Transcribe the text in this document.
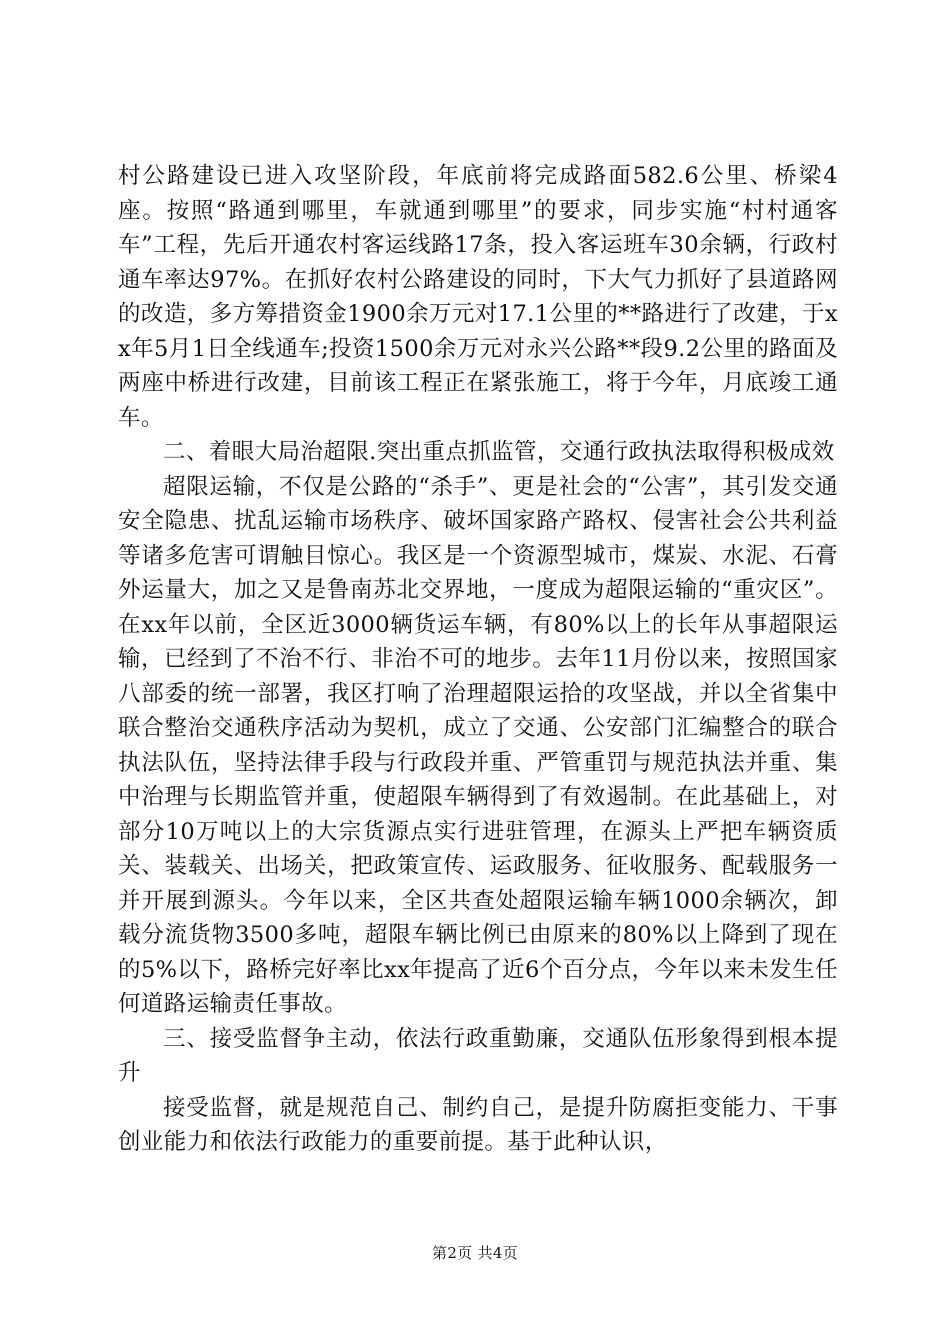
村公路建设已进入攻坚阶段，年底前将完成路面582.6公里、桥梁4座。按照“路通到哪里，车就通到哪里”的要求，同步实施“村村通客车”工程，先后开通农村客运线路17条，投入客运班车30余辆，行政村通车率达97%。在抓好农村公路建设的同时，下大气力抓好了县道路网的改造，多方筹措资金1900余万元对17.1公里的**路进行了改建，于xx年5月1日全线通车;投资1500余万元对永兴公路**段9.2公里的路面及两座中桥进行改建，目前该工程正在紧张施工，将于今年，月底竣工通车。

二、着眼大局治超限.突出重点抓监管，交通行政执法取得积极成效

超限运输，不仅是公路的“杀手”、更是社会的“公害”，其引发交通安全隐患、扰乱运输市场秩序、破坏国家路产路权、侵害社会公共利益等诸多危害可谓触目惊心。我区是一个资源型城市，煤炭、水泥、石膏外运量大，加之又是鲁南苏北交界地，一度成为超限运输的“重灾区”。在xx年以前，全区近3000辆货运车辆，有80%以上的长年从事超限运输，已经到了不治不行、非治不可的地步。去年11月份以来，按照国家八部委的统一部署，我区打响了治理超限运拾的攻坚战，并以全省集中联合整治交通秩序活动为契机，成立了交通、公安部门汇编整合的联合执法队伍，坚持法律手段与行政段并重、严管重罚与规范执法并重、集中治理与长期监管并重，使超限车辆得到了有效遏制。在此基础上，对部分10万吨以上的大宗货源点实行进驻管理，在源头上严把车辆资质关、装载关、出场关，把政策宣传、运政服务、征收服务、配载服务一并开展到源头。今年以来，全区共查处超限运输车辆1000余辆次，卸载分流货物3500多吨，超限车辆比例已由原来的80%以上降到了现在的5%以下，路桥完好率比xx年提高了近6个百分点，今年以来未发生任何道路运输责任事故。

三、接受监督争主动，依法行政重勤廉，交通队伍形象得到根本提升

接受监督，就是规范自己、制约自己，是提升防腐拒变能力、干事创业能力和依法行政能力的重要前提。基于此种认识，

第2页 共4页
